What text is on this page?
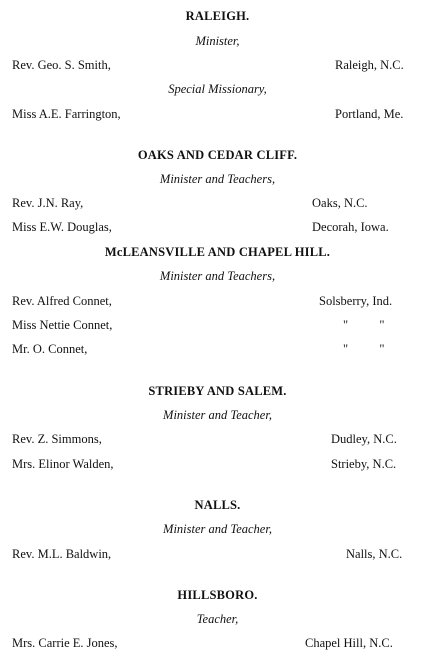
RALEIGH.
Minister,
Rev. Geo. S. Smith,	Raleigh, N.C.
Special Missionary,
Miss A.E. Farrington,	Portland, Me.
OAKS AND CEDAR CLIFF.
Minister and Teachers,
Rev. J.N. Ray,	Oaks, N.C.
Miss E.W. Douglas,	Decorah, Iowa.
McLEANSVILLE AND CHAPEL HILL.
Minister and Teachers,
Rev. Alfred Connet,	Solsberry, Ind.
Miss Nettie Connet,	"          "
Mr. O. Connet,	"          "
STRIEBY AND SALEM.
Minister and Teacher,
Rev. Z. Simmons,	Dudley, N.C.
Mrs. Elinor Walden,	Strieby, N.C.
NALLS.
Minister and Teacher,
Rev. M.L. Baldwin,	Nalls, N.C.
HILLSBORO.
Teacher,
Mrs. Carrie E. Jones,	Chapel Hill, N.C.
